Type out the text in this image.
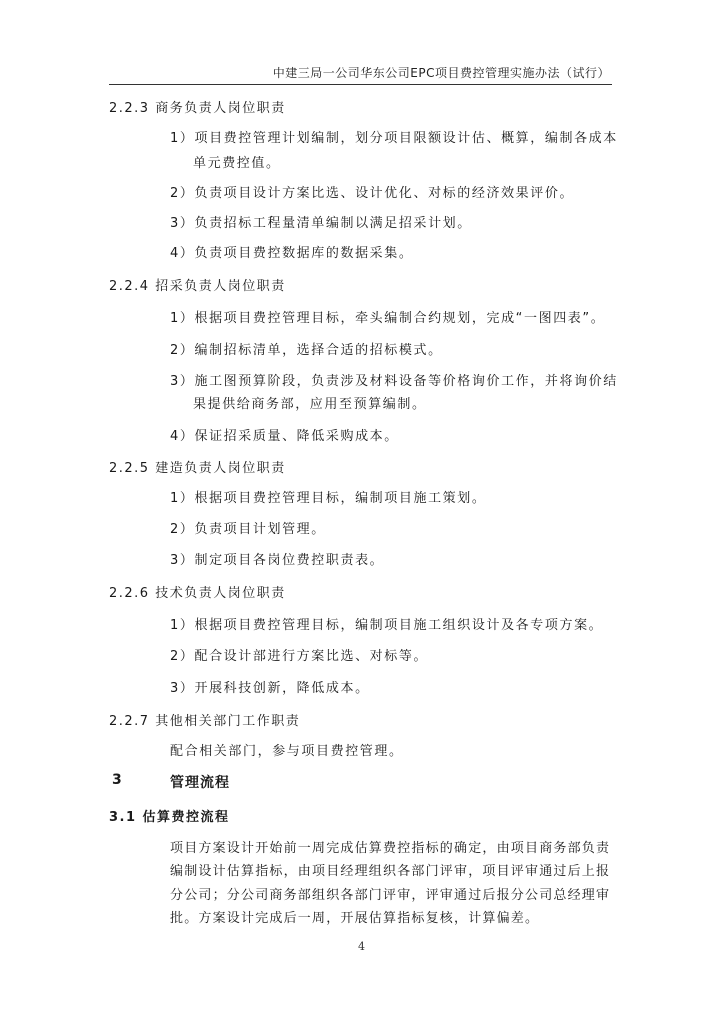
中建三局一公司华东公司EPC项目费控管理实施办法（试行）
2.2.3 商务负责人岗位职责
1）项目费控管理计划编制，划分项目限额设计估、概算，编制各成本
单元费控值。
2）负责项目设计方案比选、设计优化、对标的经济效果评价。
3）负责招标工程量清单编制以满足招采计划。
4）负责项目费控数据库的数据采集。
2.2.4 招采负责人岗位职责
1）根据项目费控管理目标，牵头编制合约规划，完成“一图四表”。
2）编制招标清单，选择合适的招标模式。
3）施工图预算阶段，负责涉及材料设备等价格询价工作，并将询价结
果提供给商务部，应用至预算编制。
4）保证招采质量、降低采购成本。
2.2.5 建造负责人岗位职责
1）根据项目费控管理目标，编制项目施工策划。
2）负责项目计划管理。
3）制定项目各岗位费控职责表。
2.2.6 技术负责人岗位职责
1）根据项目费控管理目标，编制项目施工组织设计及各专项方案。
2）配合设计部进行方案比选、对标等。
3）开展科技创新，降低成本。
2.2.7 其他相关部门工作职责
配合相关部门，参与项目费控管理。
3	管理流程
3.1 估算费控流程
项目方案设计开始前一周完成估算费控指标的确定，由项目商务部负责
编制设计估算指标，由项目经理组织各部门评审，项目评审通过后上报
分公司；分公司商务部组织各部门评审，评审通过后报分公司总经理审
批。方案设计完成后一周，开展估算指标复核，计算偏差。
4
